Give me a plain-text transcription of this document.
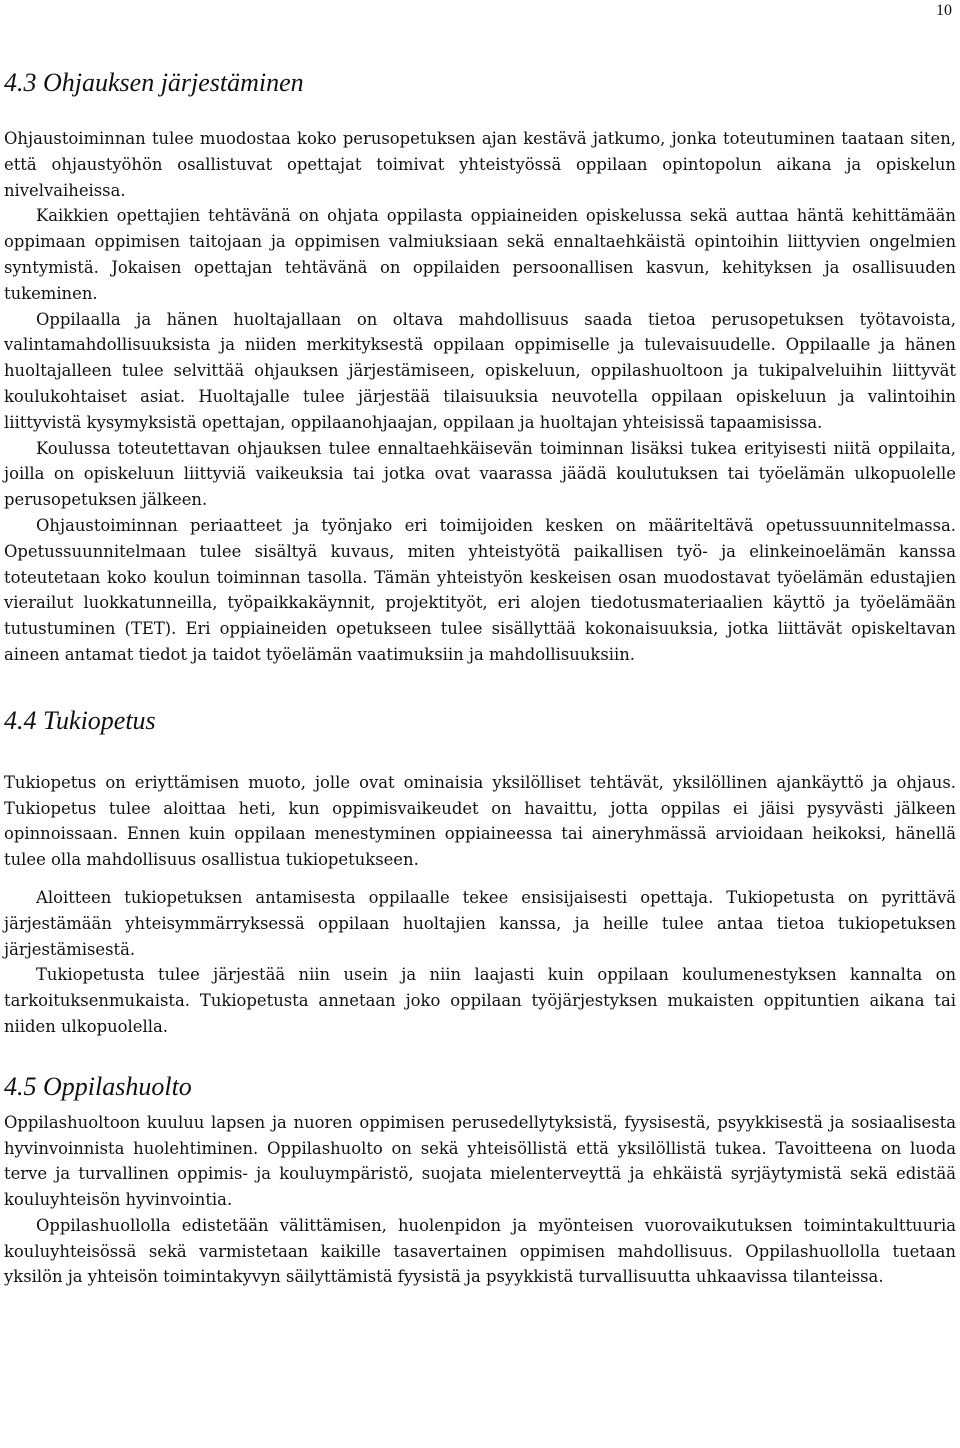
10
4.3 Ohjauksen järjestäminen

Ohjaustoiminnan tulee muodostaa koko perusopetuksen ajan kestävä jatkumo, jonka toteutuminen taataan siten, että ohjaustyöhön osallistuvat opettajat toimivat yhteistyössä oppilaan opintopolun aikana ja opiskelun nivelvaiheissa.

Kaikkien opettajien tehtävänä on ohjata oppilasta oppiaineiden opiskelussa sekä auttaa häntä kehittämään oppimaan oppimisen taitojaan ja oppimisen valmiuksiaan sekä ennaltaehkäistä opintoihin liittyvien ongelmien syntymistä. Jokaisen opettajan tehtävänä on oppilaiden persoonallisen kasvun, kehityksen ja osallisuuden tukeminen.

Oppilaalla ja hänen huoltajallaan on oltava mahdollisuus saada tietoa perusopetuksen työtavoista, valintamahdollisuuksista ja niiden merkityksestä oppilaan oppimiselle ja tulevaisuudelle. Oppilaalle ja hänen huoltajalleen tulee selvittää ohjauksen järjestämiseen, opiskeluun, oppilashuoltoon ja tukipalveluihin liittyvät koulukohtaiset asiat. Huoltajalle tulee järjestää tilaisuuksia neuvotella oppilaan opiskeluun ja valintoihin liittyvistä kysymyksistä opettajan, oppilaanohjaajan, oppilaan ja huoltajan yhteisissä tapaamisissa.

Koulussa toteutettavan ohjauksen tulee ennaltaehkäisevän toiminnan lisäksi tukea erityisesti niitä oppilaita, joilla on opiskeluun liittyviä vaikeuksia tai jotka ovat vaarassa jäädä koulutuksen tai työelämän ulkopuolelle perusopetuksen jälkeen.

Ohjaustoiminnan periaatteet ja työnjako eri toimijoiden kesken on määriteltävä opetussuunnitelmassa. Opetussuunnitelmaan tulee sisältyä kuvaus, miten yhteistyötä paikallisen työ- ja elinkeinoelämän kanssa toteutetaan koko koulun toiminnan tasolla. Tämän yhteistyön keskeisen osan muodostavat työelämän edustajien vierailut luokkatunneilla, työpaikkakäynnit, projektityöt, eri alojen tiedotusmateriaalien käyttö ja työelämään tutustuminen (TET). Eri oppiaineiden opetukseen tulee sisällyttää kokonaisuuksia, jotka liittävät opiskeltavan aineen antamat tiedot ja taidot työelämän vaatimuksiin ja mahdollisuuksiin.

4.4 Tukiopetus

Tukiopetus on eriyttämisen muoto, jolle ovat ominaisia yksilölliset tehtävät, yksilöllinen ajankäyttö ja ohjaus. Tukiopetus tulee aloittaa heti, kun oppimisvaikeudet on havaittu, jotta oppilas ei jäisi pysyvästi jälkeen opinnoissaan. Ennen kuin oppilaan menestyminen oppiaineessa tai aineryhmässä arvioidaan heikoksi, hänellä tulee olla mahdollisuus osallistua tukiopetukseen.

Aloitteen tukiopetuksen antamisesta oppilaalle tekee ensisijaisesti opettaja. Tukiopetusta on pyrittävä järjestämään yhteisymmärryksessä oppilaan huoltajien kanssa, ja heille tulee antaa tietoa tukiopetuksen järjestämisestä.

Tukiopetusta tulee järjestää niin usein ja niin laajasti kuin oppilaan koulumenestyksen kannalta on tarkoituksenmukaista. Tukiopetusta annetaan joko oppilaan työjärjestyksen mukaisten oppituntien aikana tai niiden ulkopuolella.

4.5 Oppilashuolto

Oppilashuoltoon kuuluu lapsen ja nuoren oppimisen perusedellytyksistä, fyysisestä, psyykkisestä ja sosiaalisesta hyvinvoinnista huolehtiminen. Oppilashuolto on sekä yhteisöllistä että yksilöllistä tukea. Tavoitteena on luoda terve ja turvallinen oppimis- ja kouluympäristö, suojata mielenterveyttä ja ehkäistä syrjäytymistä sekä edistää kouluyhteisön hyvinvointia.

Oppilashuollolla edistetään välittämisen, huolenpidon ja myönteisen vuorovaikutuksen toimintakulttuuria kouluyhteisössä sekä varmistetaan kaikille tasavertainen oppimisen mahdollisuus. Oppilashuollolla tuetaan yksilön ja yhteisön toimintakyvyn säilyttämistä fyysistä ja psyykkistä turvallisuutta uhkaavissa tilanteissa.
